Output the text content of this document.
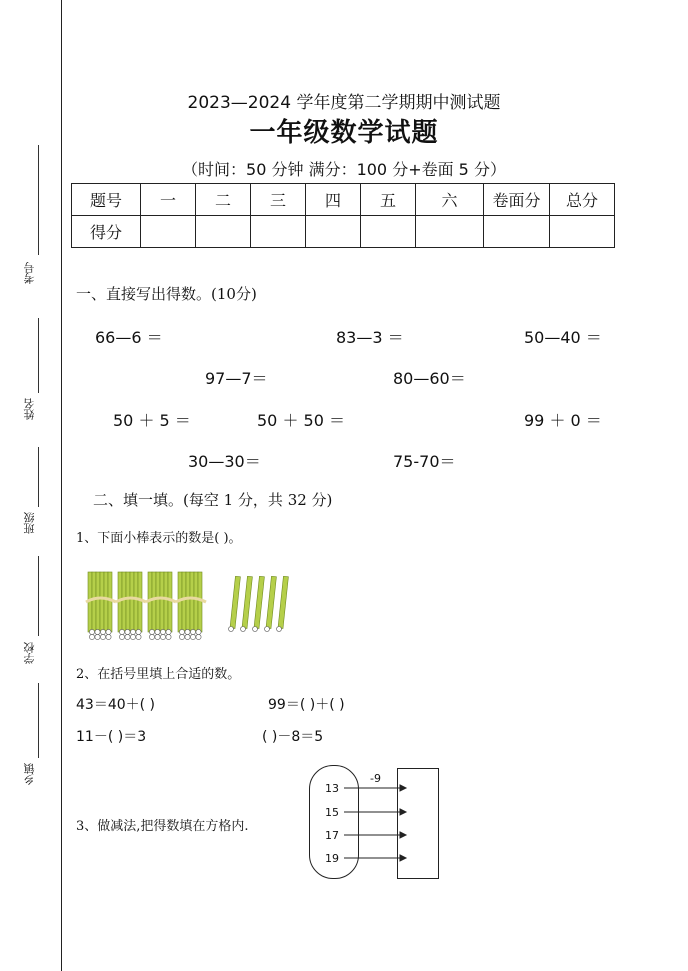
考号
姓名
班级
学校
乡镇
2023—2024 学年度第二学期期中测试题
一年级数学试题
（时间：50 分钟 满分：100 分+卷面 5 分）
题号	一	二	三	四	五	六	卷面分	总分
得分								
一、直接写出得数。(10分)
66—6 ＝	83—3 ＝	50—40 ＝
97—7＝	80—60＝
50 ＋ 5 ＝	50 ＋ 50 ＝	99 ＋ 0 ＝
30—30＝	75-70＝
二、填一填。(每空 1 分，共 32 分)
1、下面小棒表示的数是( )。
2、在括号里填上合适的数。
43＝40＋( )	99＝( )＋( )
11－( )＝3	( )－8＝5
3、做减法,把得数填在方格内.
-9
13
15
17
19
